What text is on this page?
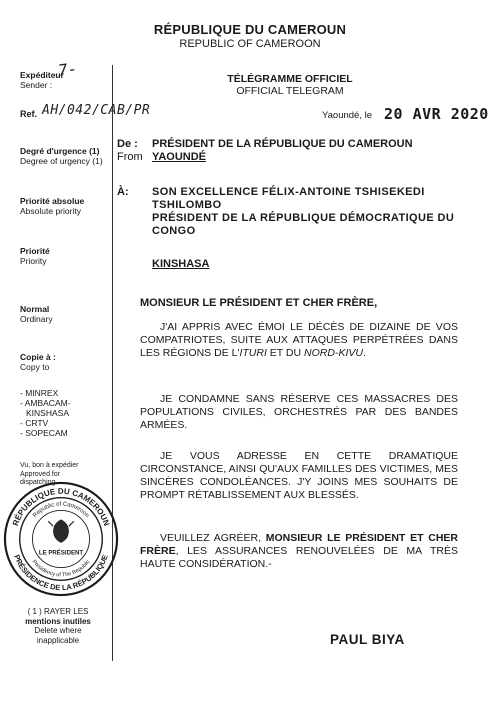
RÉPUBLIQUE DU CAMEROUN
REPUBLIC OF CAMEROON
TÉLÉGRAMME OFFICIEL
OFFICIAL TELEGRAM
Expéditeur
Sender :
7-
Ref. AH/042/CAB/PR
Degré d'urgence (1)
Degree of urgency (1)
Priorité absolue
Absolute priority
Priorité
Priority
Normal
Ordinary
Copie à :
Copy to
- MINREX
- AMBACAM-
KINSHASA
- CRTV
- SOPECAM
Vu, bon à expédier
Approved for
dispatching
RÉPUBLIQUE DU CAMEROUN
Republic of Cameroon
Presidency of The Republic
PRÉSIDENCE DE LA RÉPUBLIQUE
LE PRÉSIDENT
( 1 ) RAYER LES
mentions inutiles
Delete where
inapplicable
Yaoundé, le 20 AVR 2020
De :
From
PRÉSIDENT DE LA RÉPUBLIQUE DU CAMEROUN
YAOUNDÉ
À:	SON EXCELLENCE FÉLIX-ANTOINE TSHISEKEDI
TSHILOMBO
PRÉSIDENT DE LA RÉPUBLIQUE DÉMOCRATIQUE DU
CONGO
KINSHASA
MONSIEUR LE PRÉSIDENT ET CHER FRÈRE,
J'AI APPRIS AVEC ÉMOI LE DÉCÈS DE DIZAINE DE VOS COMPATRIOTES, SUITE AUX ATTAQUES PERPÉTRÉES DANS LES RÉGIONS DE L'ITURI ET DU NORD-KIVU.
JE CONDAMNE SANS RÉSERVE CES MASSACRES DES POPULATIONS CIVILES, ORCHESTRÉS PAR DES BANDES ARMÉES.
JE VOUS ADRESSE EN CETTE DRAMATIQUE CIRCONSTANCE, AINSI QU'AUX FAMILLES DES VICTIMES, MES SINCÈRES CONDOLÉANCES. J'Y JOINS MES SOUHAITS DE PROMPT RÉTABLISSEMENT AUX BLESSÉS.
VEUILLEZ AGRÉER, MONSIEUR LE PRÉSIDENT ET CHER FRÈRE, LES ASSURANCES RENOUVELÉES DE MA TRÈS HAUTE CONSIDÉRATION.-
PAUL BIYA
